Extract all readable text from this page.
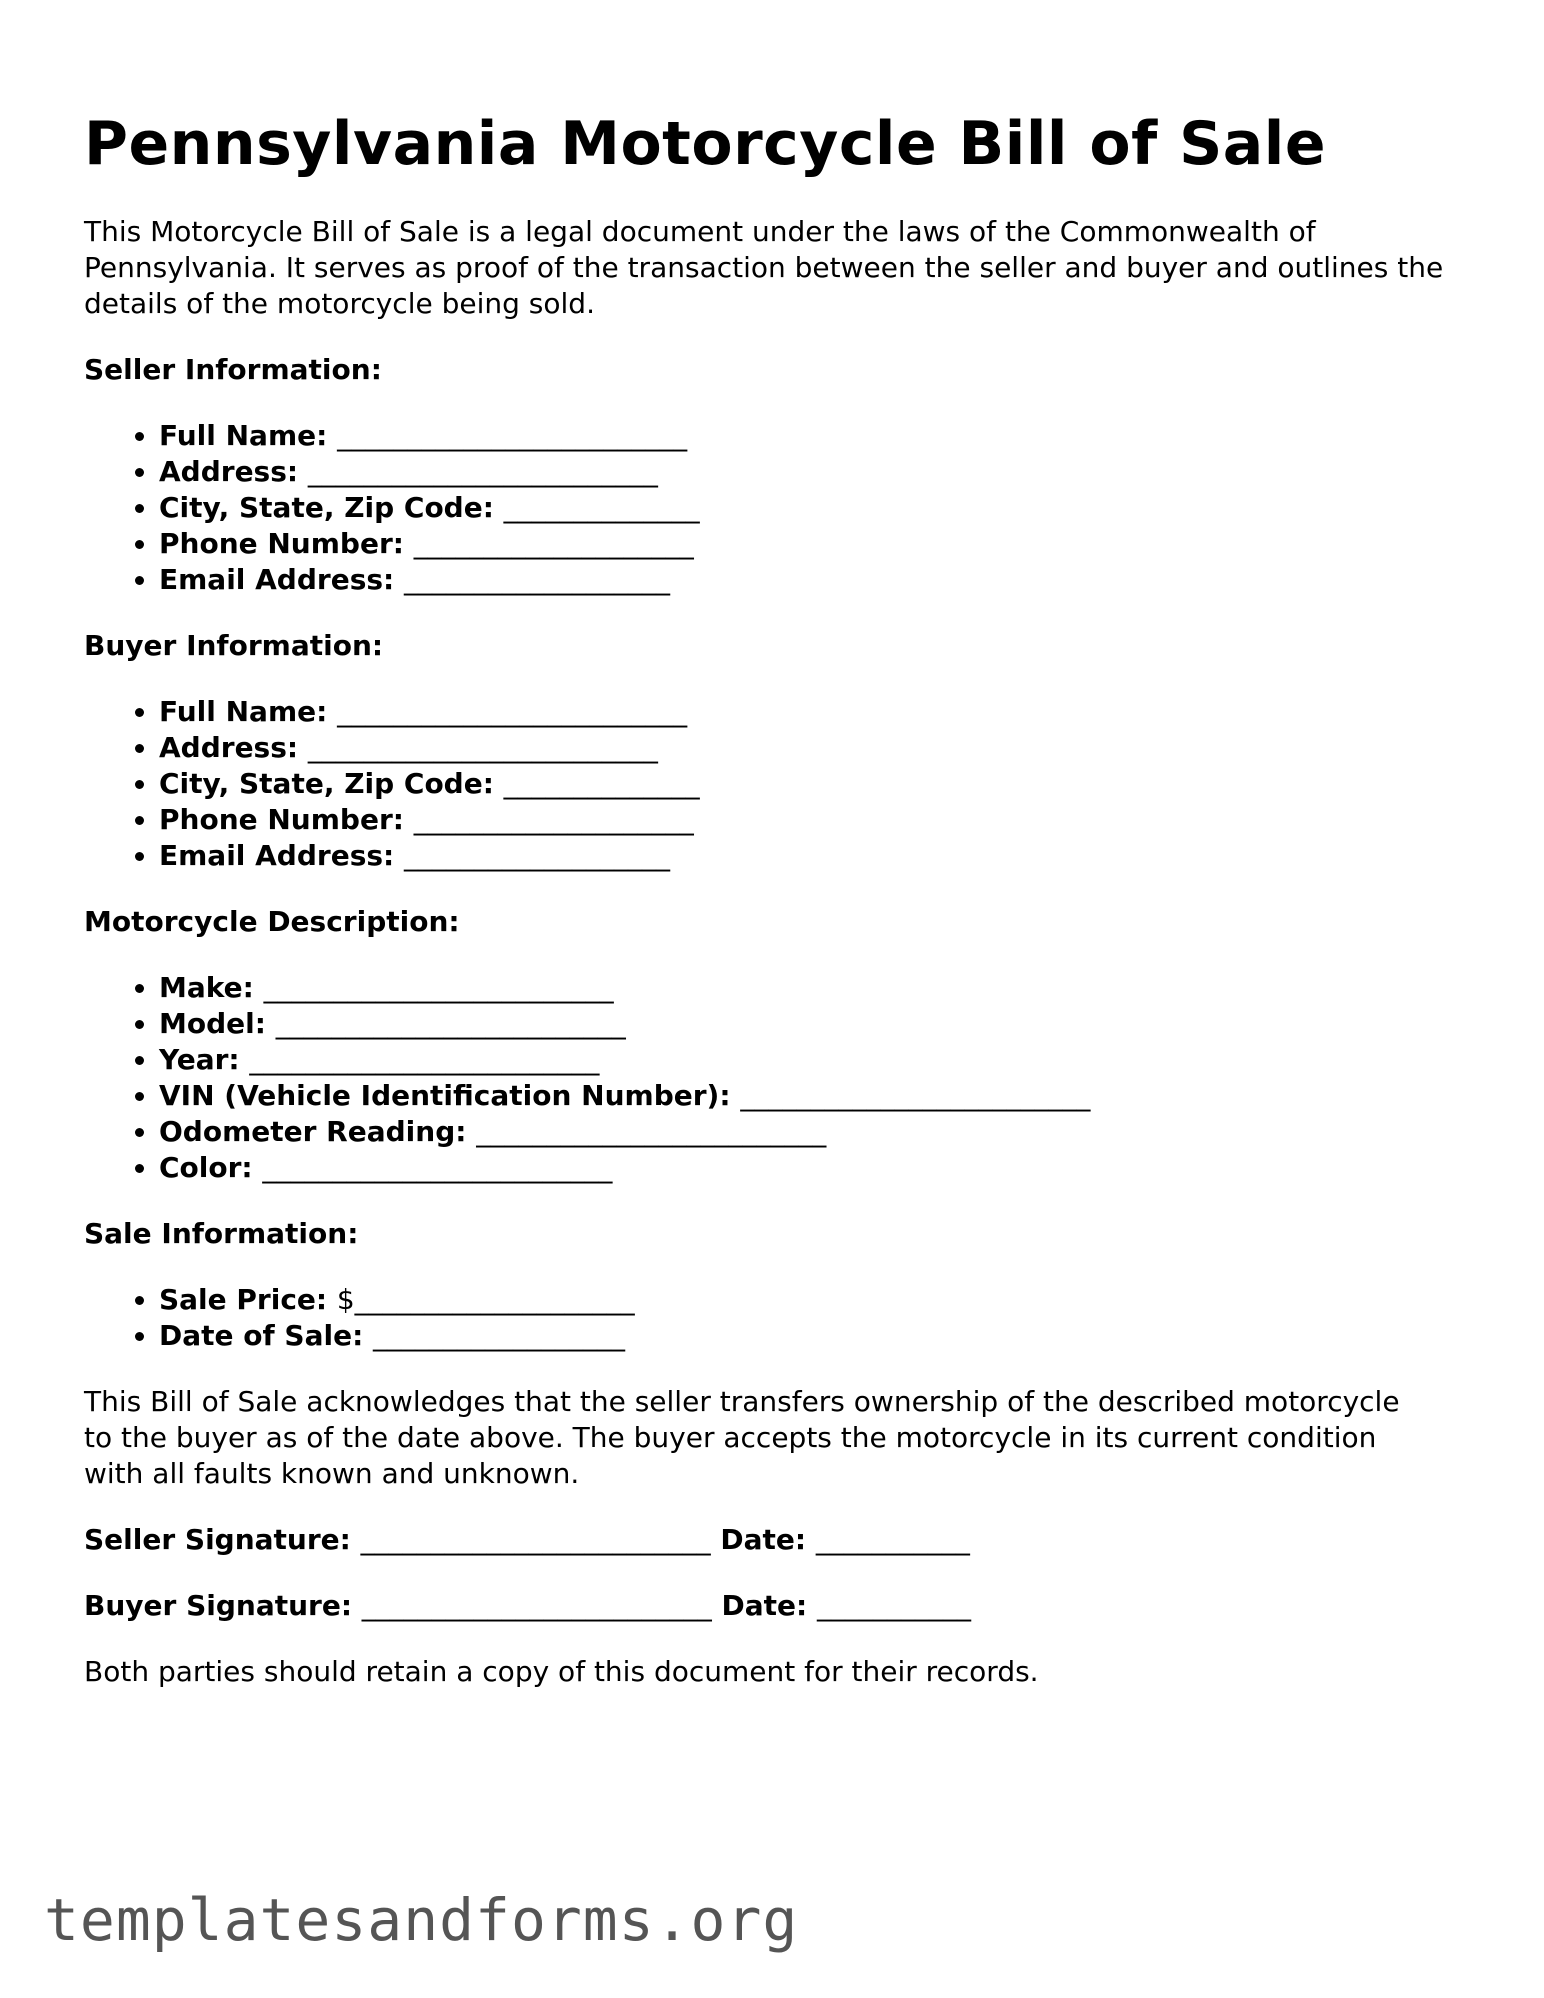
Pennsylvania Motorcycle Bill of Sale

This Motorcycle Bill of Sale is a legal document under the laws of the Commonwealth of Pennsylvania. It serves as proof of the transaction between the seller and buyer and outlines the details of the motorcycle being sold.

Seller Information:
• Full Name: _________________________
• Address: _________________________
• City, State, Zip Code: ______________
• Phone Number: ____________________
• Email Address: ___________________
Buyer Information:
• Full Name: _________________________
• Address: _________________________
• City, State, Zip Code: ______________
• Phone Number: ____________________
• Email Address: ___________________
Motorcycle Description:
• Make: _________________________
• Model: _________________________
• Year: _________________________
• VIN (Vehicle Identification Number): _________________________
• Odometer Reading: _________________________
• Color: _________________________
Sale Information:
• Sale Price: $____________________
• Date of Sale: __________________

This Bill of Sale acknowledges that the seller transfers ownership of the described motorcycle to the buyer as of the date above. The buyer accepts the motorcycle in its current condition with all faults known and unknown.

Seller Signature: _________________________ Date: ___________
Buyer Signature: _________________________ Date: ___________

Both parties should retain a copy of this document for their records.

templatesandforms.org
